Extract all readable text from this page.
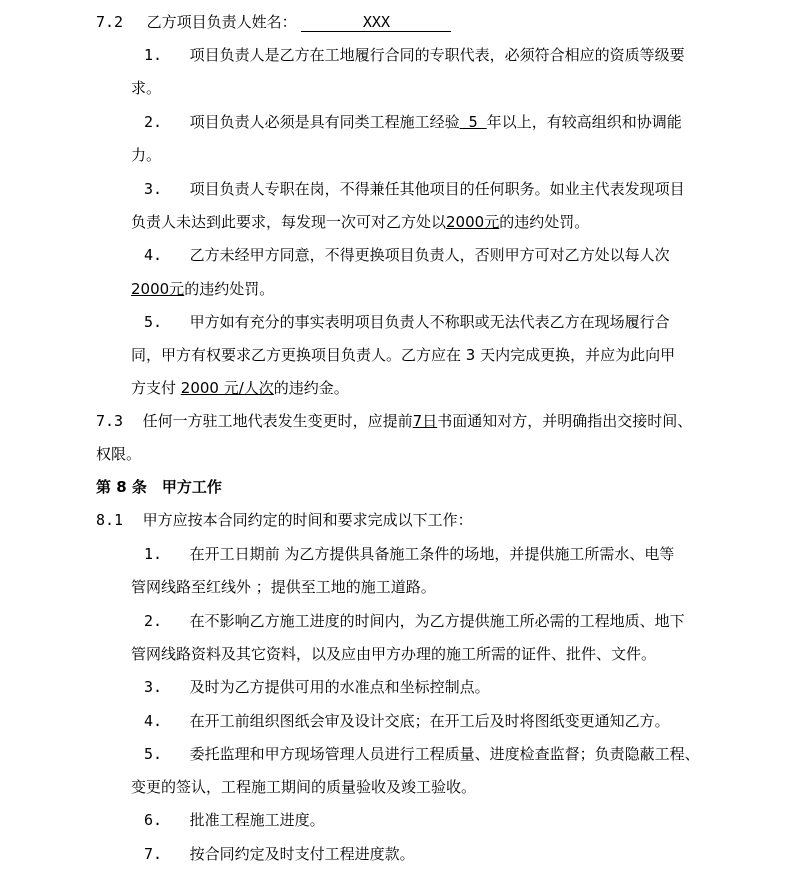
7.2 乙方项目负责人姓名：	XXX
1. 项目负责人是乙方在工地履行合同的专职代表，必须符合相应的资质等级要
求。
2. 项目负责人必须是具有同类工程施工经验 5 年以上，有较高组织和协调能
力。
3. 项目负责人专职在岗，不得兼任其他项目的任何职务。如业主代表发现项目
负责人未达到此要求，每发现一次可对乙方处以2000元的违约处罚。
4. 乙方未经甲方同意，不得更换项目负责人，否则甲方可对乙方处以每人次
2000元的违约处罚。
5. 甲方如有充分的事实表明项目负责人不称职或无法代表乙方在现场履行合
同，甲方有权要求乙方更换项目负责人。乙方应在 3 天内完成更换，并应为此向甲
方支付 2000 元/人次的违约金。
7.3 任何一方驻工地代表发生变更时，应提前7日书面通知对方，并明确指出交接时间、
权限。
第 8 条　甲方工作
8.1 甲方应按本合同约定的时间和要求完成以下工作：
1. 在开工日期前 为乙方提供具备施工条件的场地，并提供施工所需水、电等
管网线路至红线外 ；提供至工地的施工道路。
2. 在不影响乙方施工进度的时间内，为乙方提供施工所必需的工程地质、地下
管网线路资料及其它资料，以及应由甲方办理的施工所需的证件、批件、文件。
3. 及时为乙方提供可用的水准点和坐标控制点。
4. 在开工前组织图纸会审及设计交底；在开工后及时将图纸变更通知乙方。
5. 委托监理和甲方现场管理人员进行工程质量、进度检查监督；负责隐蔽工程、
变更的签认，工程施工期间的质量验收及竣工验收。
6. 批准工程施工进度。
7. 按合同约定及时支付工程进度款。
